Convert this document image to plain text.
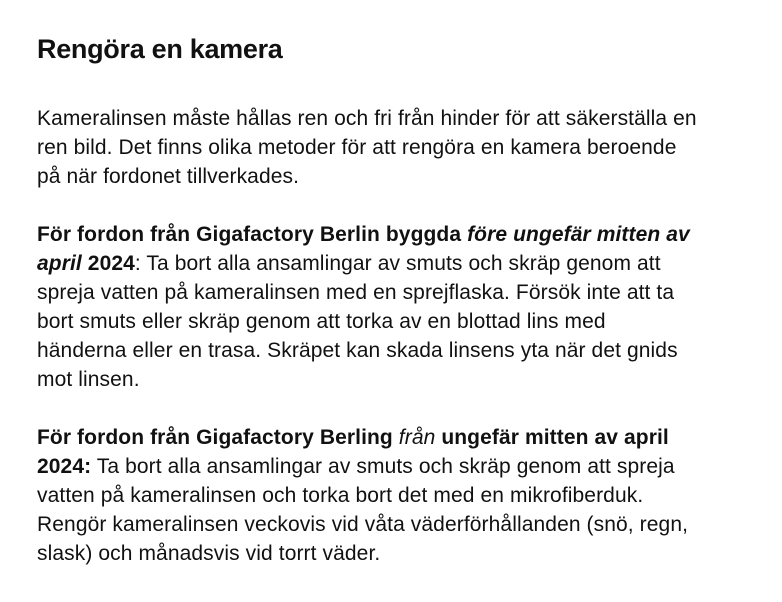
Rengöra en kamera

Kameralinsen måste hållas ren och fri från hinder för att säkerställa en ren bild. Det finns olika metoder för att rengöra en kamera beroende på när fordonet tillverkades.

För fordon från Gigafactory Berlin byggda före ungefär mitten av april 2024: Ta bort alla ansamlingar av smuts och skräp genom att spreja vatten på kameralinsen med en sprejflaska. Försök inte att ta bort smuts eller skräp genom att torka av en blottad lins med händerna eller en trasa. Skräpet kan skada linsens yta när det gnids mot linsen.

För fordon från Gigafactory Berling från ungefär mitten av april 2024: Ta bort alla ansamlingar av smuts och skräp genom att spreja vatten på kameralinsen och torka bort det med en mikrofiberduk. Rengör kameralinsen veckovis vid våta väderförhållanden (snö, regn, slask) och månadsvis vid torrt väder.
